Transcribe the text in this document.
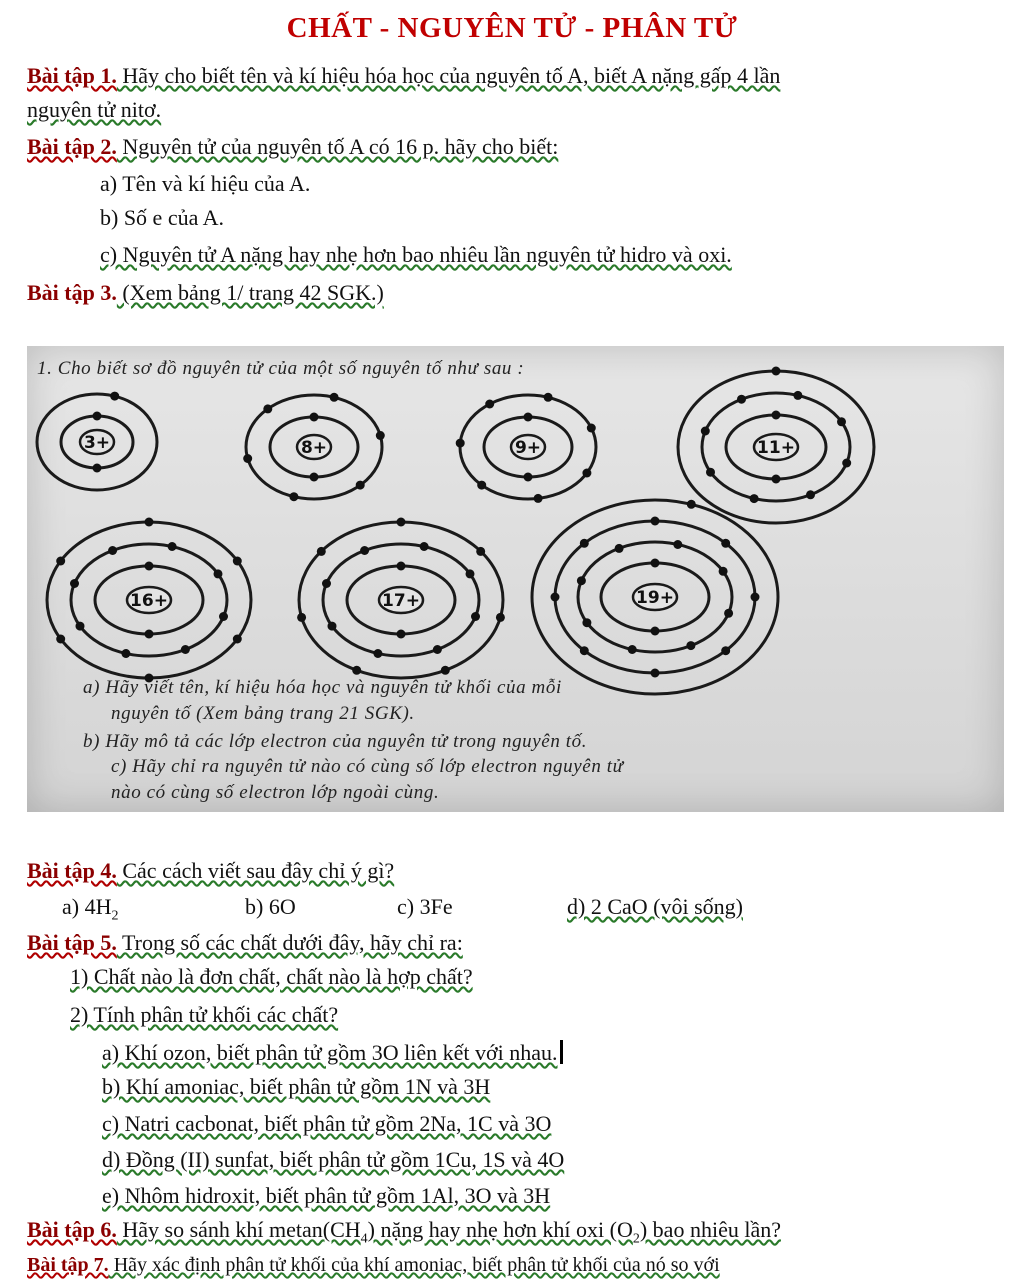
CHẤT - NGUYÊN TỬ - PHÂN TỬ
Bài tập 1. Hãy cho biết tên và kí hiệu hóa học của nguyên tố A, biết A nặng gấp 4 lần
nguyên tử nitơ.
Bài tập 2. Nguyên tử của nguyên tố A có 16 p. hãy cho biết:
a) Tên và kí hiệu của A.
b) Số e của A.
c) Nguyên tử A nặng hay nhẹ hơn bao nhiêu lần nguyên tử hidro và oxi.
Bài tập 3. (Xem bảng 1/ trang 42 SGK.)
1. Cho biết sơ đồ nguyên tử của một số nguyên tố như sau :
3+	8+	9+	11+
16+	17+	19+
a) Hãy viết tên, kí hiệu hóa học và nguyên tử khối của mỗi
nguyên tố (Xem bảng trang 21 SGK).
b) Hãy mô tả các lớp electron của nguyên tử trong nguyên tố.
c) Hãy chỉ ra nguyên tử nào có cùng số lớp electron nguyên tử
nào có cùng số electron lớp ngoài cùng.
Bài tập 4. Các cách viết sau đây chỉ ý gì?
a) $4H_2$	b) 6O	c) 3Fe	d) 2 CaO (vôi sống)
Bài tập 5. Trong số các chất dưới đây, hãy chỉ ra:
1) Chất nào là đơn chất, chất nào là hợp chất?
2) Tính phân tử khối các chất?
a) Khí ozon, biết phân tử gồm 3O liên kết với nhau.
b) Khí amoniac, biết phân tử gồm 1N và 3H
c) Natri cacbonat, biết phân tử gồm 2Na, 1C và 3O
d) Đồng (II) sunfat, biết phân tử gồm 1Cu, 1S và 4O
e) Nhôm hidroxit, biết phân tử gồm 1Al, 3O và 3H
Bài tập 6. Hãy so sánh khí $metan(CH_4)$ nặng hay nhẹ hơn khí oxi $(O_2)$ bao nhiêu lần?
Bài tập 7. Hãy xác định phân tử khối của khí amoniac, biết phân tử khối của nó so với
